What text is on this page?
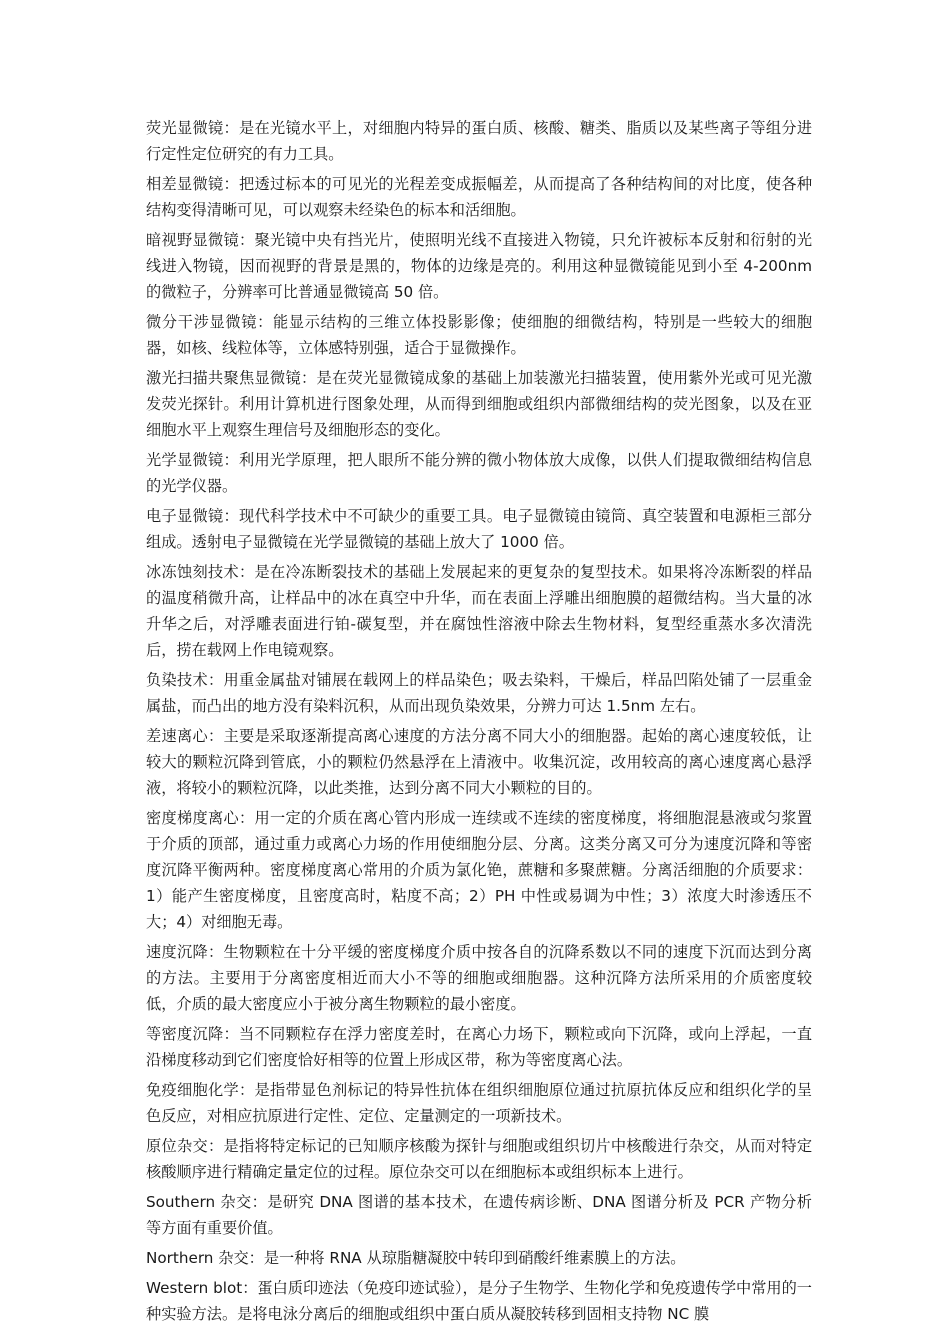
荧光显微镜：是在光镜水平上，对细胞内特异的蛋白质、核酸、糖类、脂质以及某些离子等组分进行定性定位研究的有力工具。

相差显微镜：把透过标本的可见光的光程差变成振幅差，从而提高了各种结构间的对比度，使各种结构变得清晰可见，可以观察未经染色的标本和活细胞。

暗视野显微镜：聚光镜中央有挡光片，使照明光线不直接进入物镜，只允许被标本反射和衍射的光线进入物镜，因而视野的背景是黑的，物体的边缘是亮的。利用这种显微镜能见到小至 4-200nm 的微粒子，分辨率可比普通显微镜高 50 倍。

微分干涉显微镜：能显示结构的三维立体投影影像；使细胞的细微结构，特别是一些较大的细胞器，如核、线粒体等，立体感特别强，适合于显微操作。

激光扫描共聚焦显微镜：是在荧光显微镜成象的基础上加装激光扫描装置，使用紫外光或可见光激发荧光探针。利用计算机进行图象处理，从而得到细胞或组织内部微细结构的荧光图象，以及在亚细胞水平上观察生理信号及细胞形态的变化。

光学显微镜：利用光学原理，把人眼所不能分辨的微小物体放大成像，以供人们提取微细结构信息的光学仪器。

电子显微镜：现代科学技术中不可缺少的重要工具。电子显微镜由镜筒、真空装置和电源柜三部分组成。透射电子显微镜在光学显微镜的基础上放大了 1000 倍。

冰冻蚀刻技术：是在冷冻断裂技术的基础上发展起来的更复杂的复型技术。如果将冷冻断裂的样品的温度稍微升高，让样品中的冰在真空中升华，而在表面上浮雕出细胞膜的超微结构。当大量的冰升华之后，对浮雕表面进行铂-碳复型，并在腐蚀性溶液中除去生物材料，复型经重蒸水多次清洗后，捞在载网上作电镜观察。

负染技术：用重金属盐对铺展在载网上的样品染色；吸去染料，干燥后，样品凹陷处铺了一层重金属盐，而凸出的地方没有染料沉积，从而出现负染效果，分辨力可达 1.5nm 左右。

差速离心：主要是采取逐渐提高离心速度的方法分离不同大小的细胞器。起始的离心速度较低，让较大的颗粒沉降到管底，小的颗粒仍然悬浮在上清液中。收集沉淀，改用较高的离心速度离心悬浮液，将较小的颗粒沉降，以此类推，达到分离不同大小颗粒的目的。

密度梯度离心：用一定的介质在离心管内形成一连续或不连续的密度梯度，将细胞混悬液或匀浆置于介质的顶部，通过重力或离心力场的作用使细胞分层、分离。这类分离又可分为速度沉降和等密度沉降平衡两种。密度梯度离心常用的介质为氯化铯，蔗糖和多聚蔗糖。分离活细胞的介质要求：1）能产生密度梯度，且密度高时，粘度不高；2）PH 中性或易调为中性；3）浓度大时渗透压不大；4）对细胞无毒。

速度沉降：生物颗粒在十分平缓的密度梯度介质中按各自的沉降系数以不同的速度下沉而达到分离的方法。主要用于分离密度相近而大小不等的细胞或细胞器。这种沉降方法所采用的介质密度较低，介质的最大密度应小于被分离生物颗粒的最小密度。

等密度沉降：当不同颗粒存在浮力密度差时，在离心力场下，颗粒或向下沉降，或向上浮起，一直沿梯度移动到它们密度恰好相等的位置上形成区带，称为等密度离心法。

免疫细胞化学：是指带显色剂标记的特异性抗体在组织细胞原位通过抗原抗体反应和组织化学的呈色反应，对相应抗原进行定性、定位、定量测定的一项新技术。

原位杂交：是指将特定标记的已知顺序核酸为探针与细胞或组织切片中核酸进行杂交，从而对特定核酸顺序进行精确定量定位的过程。原位杂交可以在细胞标本或组织标本上进行。

Southern 杂交：是研究 DNA 图谱的基本技术，在遗传病诊断、DNA 图谱分析及 PCR 产物分析等方面有重要价值。

Northern 杂交：是一种将 RNA 从琼脂糖凝胶中转印到硝酸纤维素膜上的方法。

Western blot：蛋白质印迹法（免疫印迹试验），是分子生物学、生物化学和免疫遗传学中常用的一种实验方法。是将电泳分离后的细胞或组织中蛋白质从凝胶转移到固相支持物 NC 膜
